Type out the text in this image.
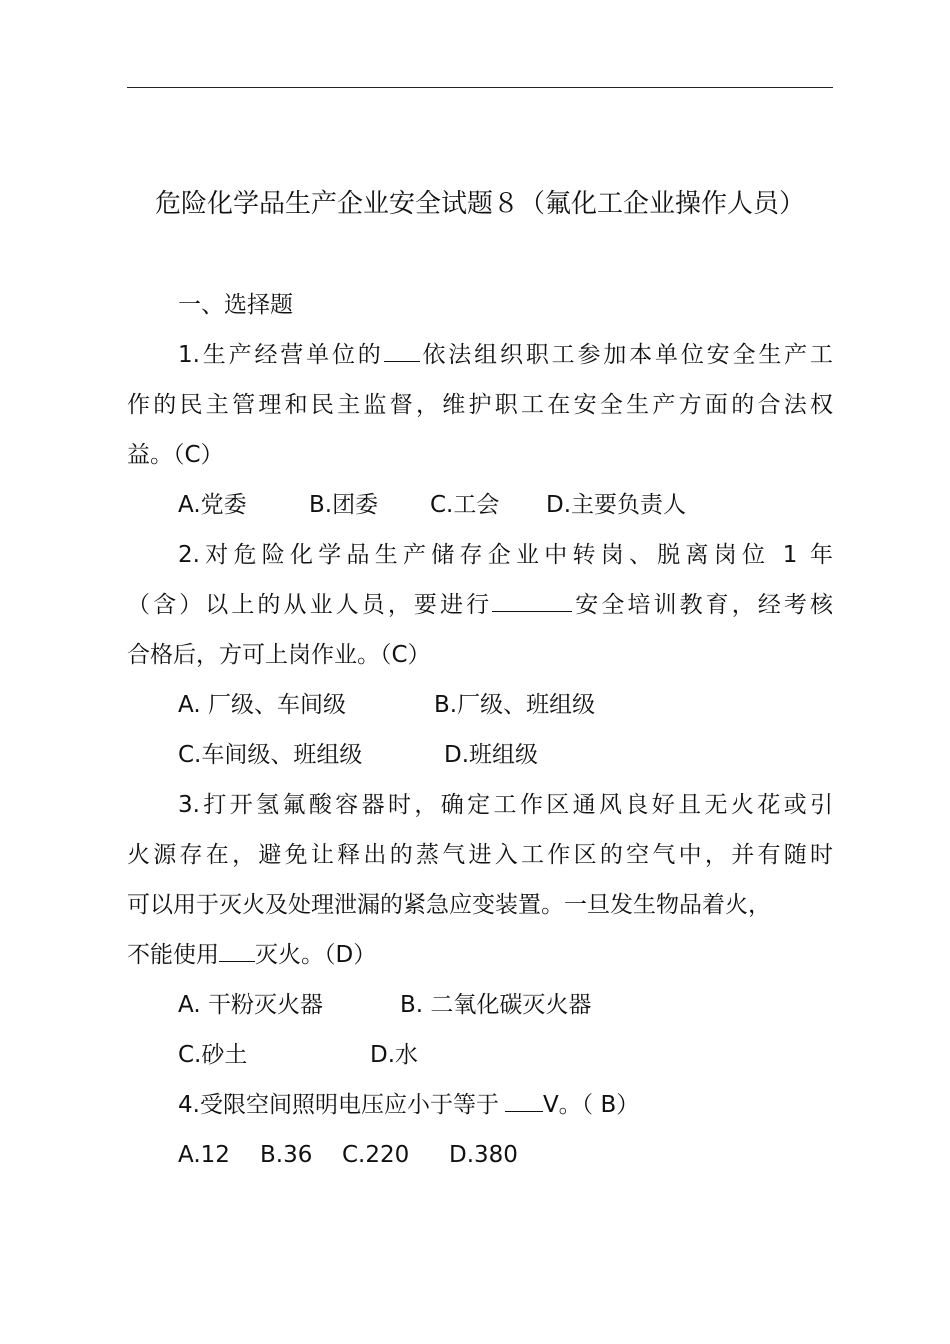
危险化学品生产企业安全试题８（氟化工企业操作人员）
一、选择题
1.生产经营单位的 依法组织职工参加本单位安全生产工
作的民主管理和民主监督，维护职工在安全生产方面的合法权
益。（C）
A.党委	B.团委 C.工会 D.主要负责人
2.对危险化学品生产储存企业中转岗、脱离岗位 1 年
（含）以上的从业人员，要进行	安全培训教育，经考核
合格后，方可上岗作业。（C）
A. 厂级、车间级	B.厂级、班组级
C.车间级、班组级	D.班组级
3.打开氢氟酸容器时，确定工作区通风良好且无火花或引
火源存在，避免让释出的蒸气进入工作区的空气中，并有随时
可以用于灭火及处理泄漏的紧急应变装置。一旦发生物品着火，
不能使用 灭火。（D）
A. 干粉灭火器	B. 二氧化碳灭火器
C.砂土	D.水
4.受限空间照明电压应小于等于 V。（ B）
A.12 B.36 C.220 D.380
